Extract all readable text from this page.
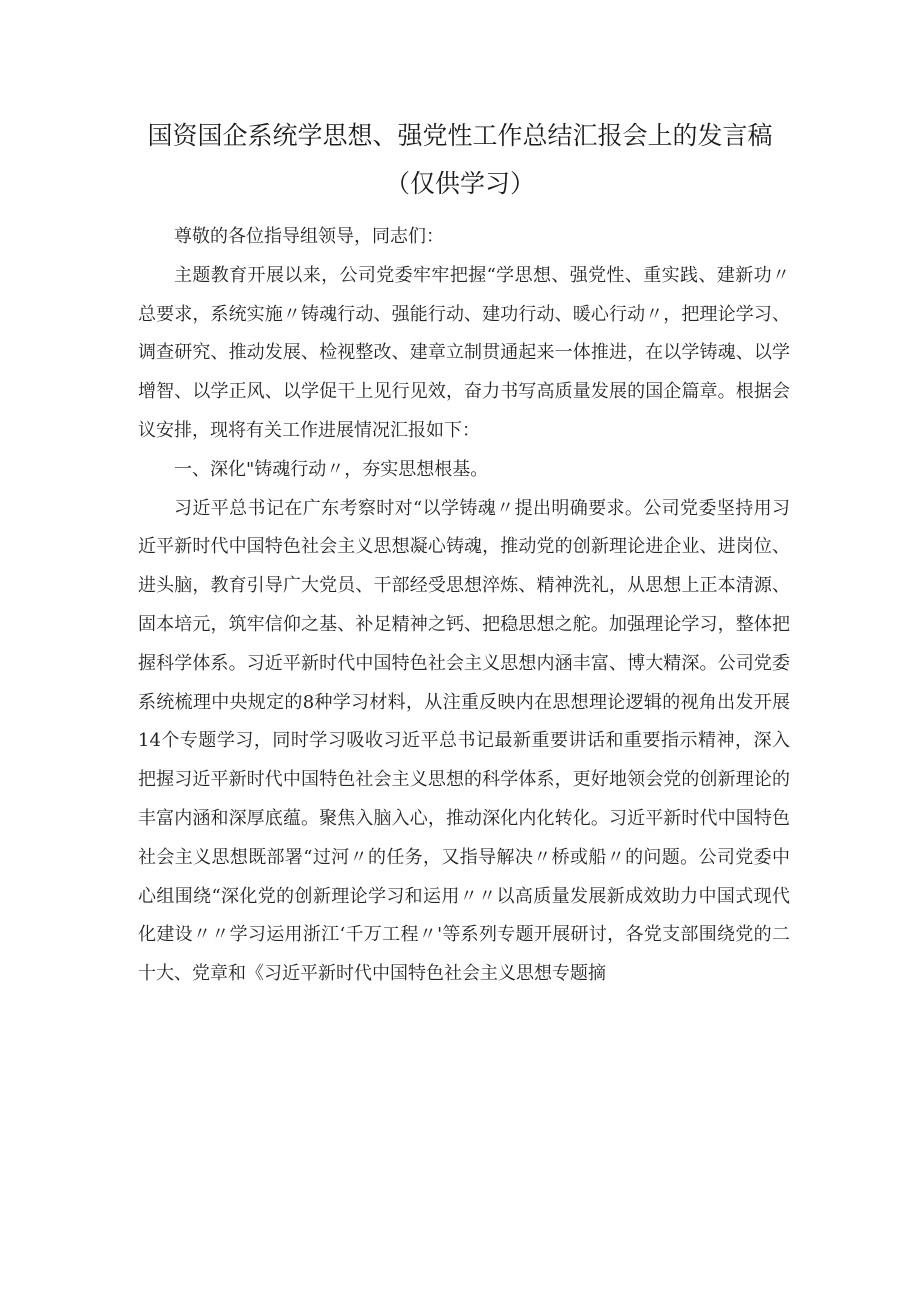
国资国企系统学思想、强党性工作总结汇报会上的发言稿
（仅供学习）

尊敬的各位指导组领导，同志们：

主题教育开展以来，公司党委牢牢把握“学思想、强党性、重实践、建新功〃总要求，系统实施〃铸魂行动、强能行动、建功行动、暖心行动〃，把理论学习、调查研究、推动发展、检视整改、建章立制贯通起来一体推进，在以学铸魂、以学增智、以学正风、以学促干上见行见效，奋力书写高质量发展的国企篇章。根据会议安排，现将有关工作进展情况汇报如下：

一、深化"铸魂行动〃，夯实思想根基。

习近平总书记在广东考察时对“以学铸魂〃提出明确要求。公司党委坚持用习近平新时代中国特色社会主义思想凝心铸魂，推动党的创新理论进企业、进岗位、进头脑，教育引导广大党员、干部经受思想淬炼、精神洗礼，从思想上正本清源、固本培元，筑牢信仰之基、补足精神之钙、把稳思想之舵。加强理论学习，整体把握科学体系。习近平新时代中国特色社会主义思想内涵丰富、博大精深。公司党委系统梳理中央规定的8种学习材料，从注重反映内在思想理论逻辑的视角出发开展14个专题学习，同时学习吸收习近平总书记最新重要讲话和重要指示精神，深入把握习近平新时代中国特色社会主义思想的科学体系，更好地领会党的创新理论的丰富内涵和深厚底蕴。聚焦入脑入心，推动深化内化转化。习近平新时代中国特色社会主义思想既部署“过河〃的任务，又指导解决〃桥或船〃的问题。公司党委中心组围绕“深化党的创新理论学习和运用〃〃以高质量发展新成效助力中国式现代化建设〃〃学习运用浙江‘千万工程〃'等系列专题开展研讨，各党支部围绕党的二十大、党章和《习近平新时代中国特色社会主义思想专题摘
